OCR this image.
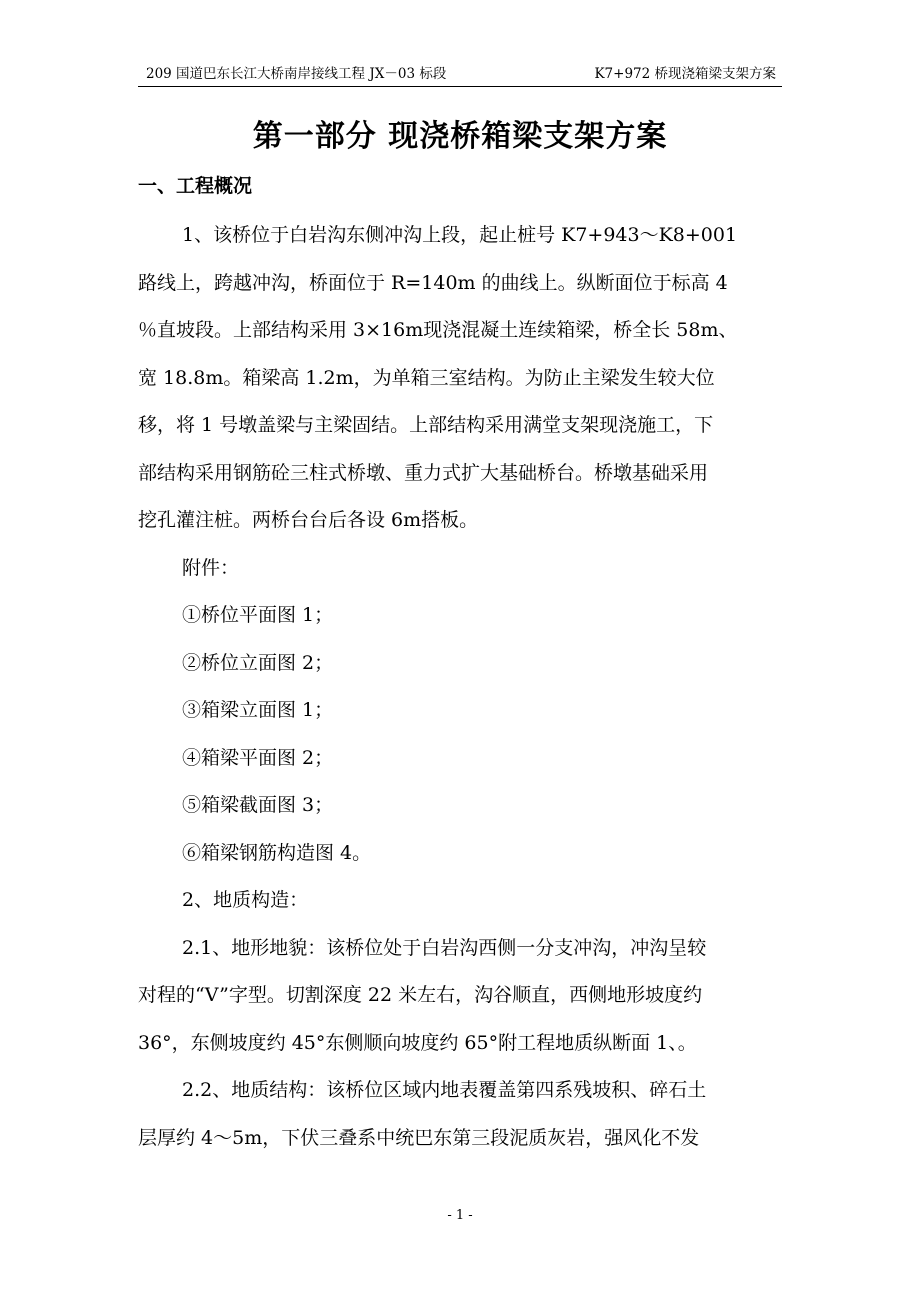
209 国道巴东长江大桥南岸接线工程 JX－03 标段	K7+972 桥现浇箱梁支架方案
第一部分 现浇桥箱梁支架方案
一、工程概况
1、该桥位于白岩沟东侧冲沟上段，起止桩号 K7+943～K8+001
路线上，跨越冲沟，桥面位于 R=140m 的曲线上。纵断面位于标高 4
％直坡段。上部结构采用 3×16m现浇混凝土连续箱梁，桥全长 58m、
宽 18.8m。箱梁高 1.2m，为单箱三室结构。为防止主梁发生较大位
移，将 1 号墩盖梁与主梁固结。上部结构采用满堂支架现浇施工，下
部结构采用钢筋砼三柱式桥墩、重力式扩大基础桥台。桥墩基础采用
挖孔灌注桩。两桥台台后各设 6m搭板。
附件：
①桥位平面图 1；
②桥位立面图 2；
③箱梁立面图 1；
④箱梁平面图 2；
⑤箱梁截面图 3；
⑥箱梁钢筋构造图 4。
2、地质构造：
2.1、地形地貌：该桥位处于白岩沟西侧一分支冲沟，冲沟呈较
对程的“V”字型。切割深度 22 米左右，沟谷顺直，西侧地形坡度约
36°，东侧坡度约 45°东侧顺向坡度约 65°附工程地质纵断面 1、。
2.2、地质结构：该桥位区域内地表覆盖第四系残坡积、碎石土
层厚约 4～5m，下伏三叠系中统巴东第三段泥质灰岩，强风化不发
- 1 -
